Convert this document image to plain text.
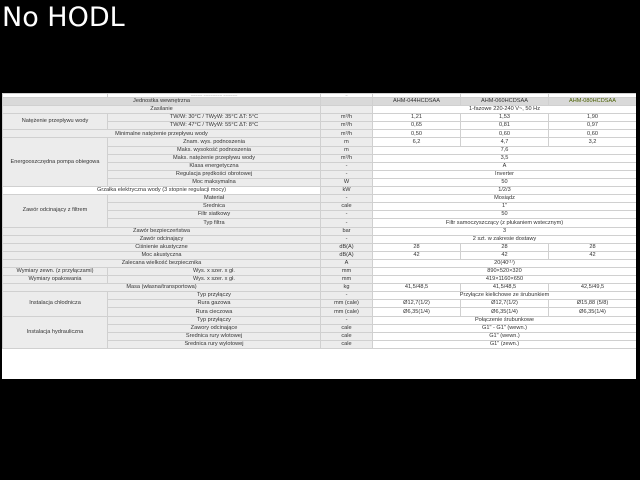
No HODL
	~~~~~ ~~~~~~~~ ~~~~~~	~			
Jednostka wewnętrzna			AHM-044HCDSAA	AHM-060HCDSAA	AHM-080HCDSAA
Zasilanie			1-fazowe 220-240 V~, 50 Hz		
Natężenie przepływu wody	TW/W: 30°C / TWyW: 35°C ΔT: 5°C	m³/h	1,21	1,53	1,90
	TW/W: 47°C / TWyW: 55°C ΔT: 8°C	m³/h	0,65	0,81	0,97
Minimalne natężenie przepływu wody		m³/h	0,50	0,60	0,60
Energooszczędna pompa obiegowa	Znam. wys. podnoszenia	m	6,2	4,7	3,2
	Maks. wysokość podnoszenia	m	7,6		
	Maks. natężenie przepływu wody	m³/h	3,5		
	Klasa energetyczna	-	A		
	Regulacja prędkości obrotowej	-	Inverter		
	Moc maksymalna	W	50		
Grzałka elektryczna wody (3 stopnie regulacji mocy)		kW	1/2/3		
Zawór odcinający z filtrem	Materiał	-	Mosiądz		
	Średnica	cale	1"		
	Filtr siatkowy	-	50		
	Typ filtra	-	Filtr samoczyszczący (z płukaniem wstecznym)		
Zawór bezpieczeństwa		bar	3		
Zawór odcinający		-	2 szt. w zakresie dostawy		
Ciśnienie akustyczne		dB(A)	28	28	28
Moc akustyczna		dB(A)	42	42	42
Zalecana wielkość bezpiecznika		A	20(40⁽¹⁾)		
Wymiary zewn. (z przyłączami)	Wys. x szer. x gł.	mm	890×520×320		
Wymiary opakowania	Wys. x szer. x gł.	mm	419×1160×650		
Masa (własna/transportowa)		kg	41,5/48,5	41,5/48,5	42,5/49,5
Instalacja chłodnicza	Typ przyłączy	-	Przyłącze kielichowe ze śrubunkiem		
	Rura gazowa	mm (cale)	Ø12,7(1/2)	Ø12,7(1/2)	Ø15,88 (5/8)
	Rura cieczowa	mm (cale)	Ø6,35(1/4)	Ø6,35(1/4)	Ø6,35(1/4)
Instalacja hydrauliczna	Typ przyłączy	-	Połączenie śrubunkowe		
	Zawory odcinające	cale	G1" - G1" (wewn.)		
	Średnica rury wlotowej	cale	G1" (wewn.)		
	Średnica rury wylotowej	cale	G1" (zewn.)		
